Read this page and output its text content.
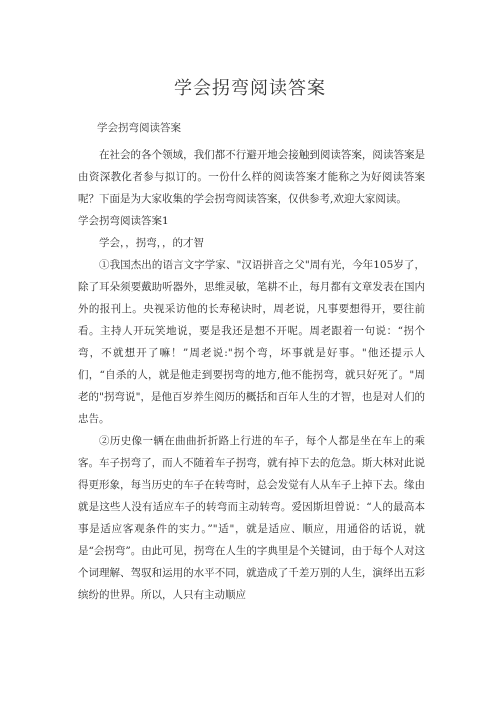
学会拐弯阅读答案
学会拐弯阅读答案

在社会的各个领域，我们都不行避开地会接触到阅读答案，阅读答案是由资深教化者参与拟订的。一份什么样的阅读答案才能称之为好阅读答案呢？下面是为大家收集的学会拐弯阅读答案，仅供参考,欢迎大家阅读。

学会拐弯阅读答案1

学会，，拐弯，，的才智

①我国杰出的语言文字学家、"汉语拼音之父"周有光，今年105岁了，除了耳朵须要戴助听器外，思维灵敏，笔耕不止，每月都有文章发表在国内外的报刊上。央视采访他的长寿秘诀时，周老说，凡事要想得开，要往前看。主持人开玩笑地说，要是我还是想不开呢。周老跟着一句说：“拐个弯，不就想开了嘛！”周老说:"拐个弯，坏事就是好事。"他还提示人们，“自杀的人，就是他走到要拐弯的地方,他不能拐弯，就只好死了。"周老的"拐弯说"，是他百岁养生阅历的概括和百年人生的才智，也是对人们的忠告。

②历史像一辆在曲曲折折路上行进的车子，每个人都是坐在车上的乘客。车子拐弯了，而人不随着车子拐弯，就有掉下去的危急。斯大林对此说得更形象，每当历史的车子在转弯时，总会发觉有人从车子上掉下去。缘由就是这些人没有适应车子的转弯而主动转弯。爱因斯坦曾说：“人的最高本事是适应客观条件的实力。”"适"，就是适应、顺应，用通俗的话说，就是“会拐弯”。由此可见，拐弯在人生的字典里是个关键词，由于每个人对这个词理解、驾驭和运用的水平不同，就造成了千差万别的人生，演绎出五彩缤纷的世界。所以，人只有主动顺应
